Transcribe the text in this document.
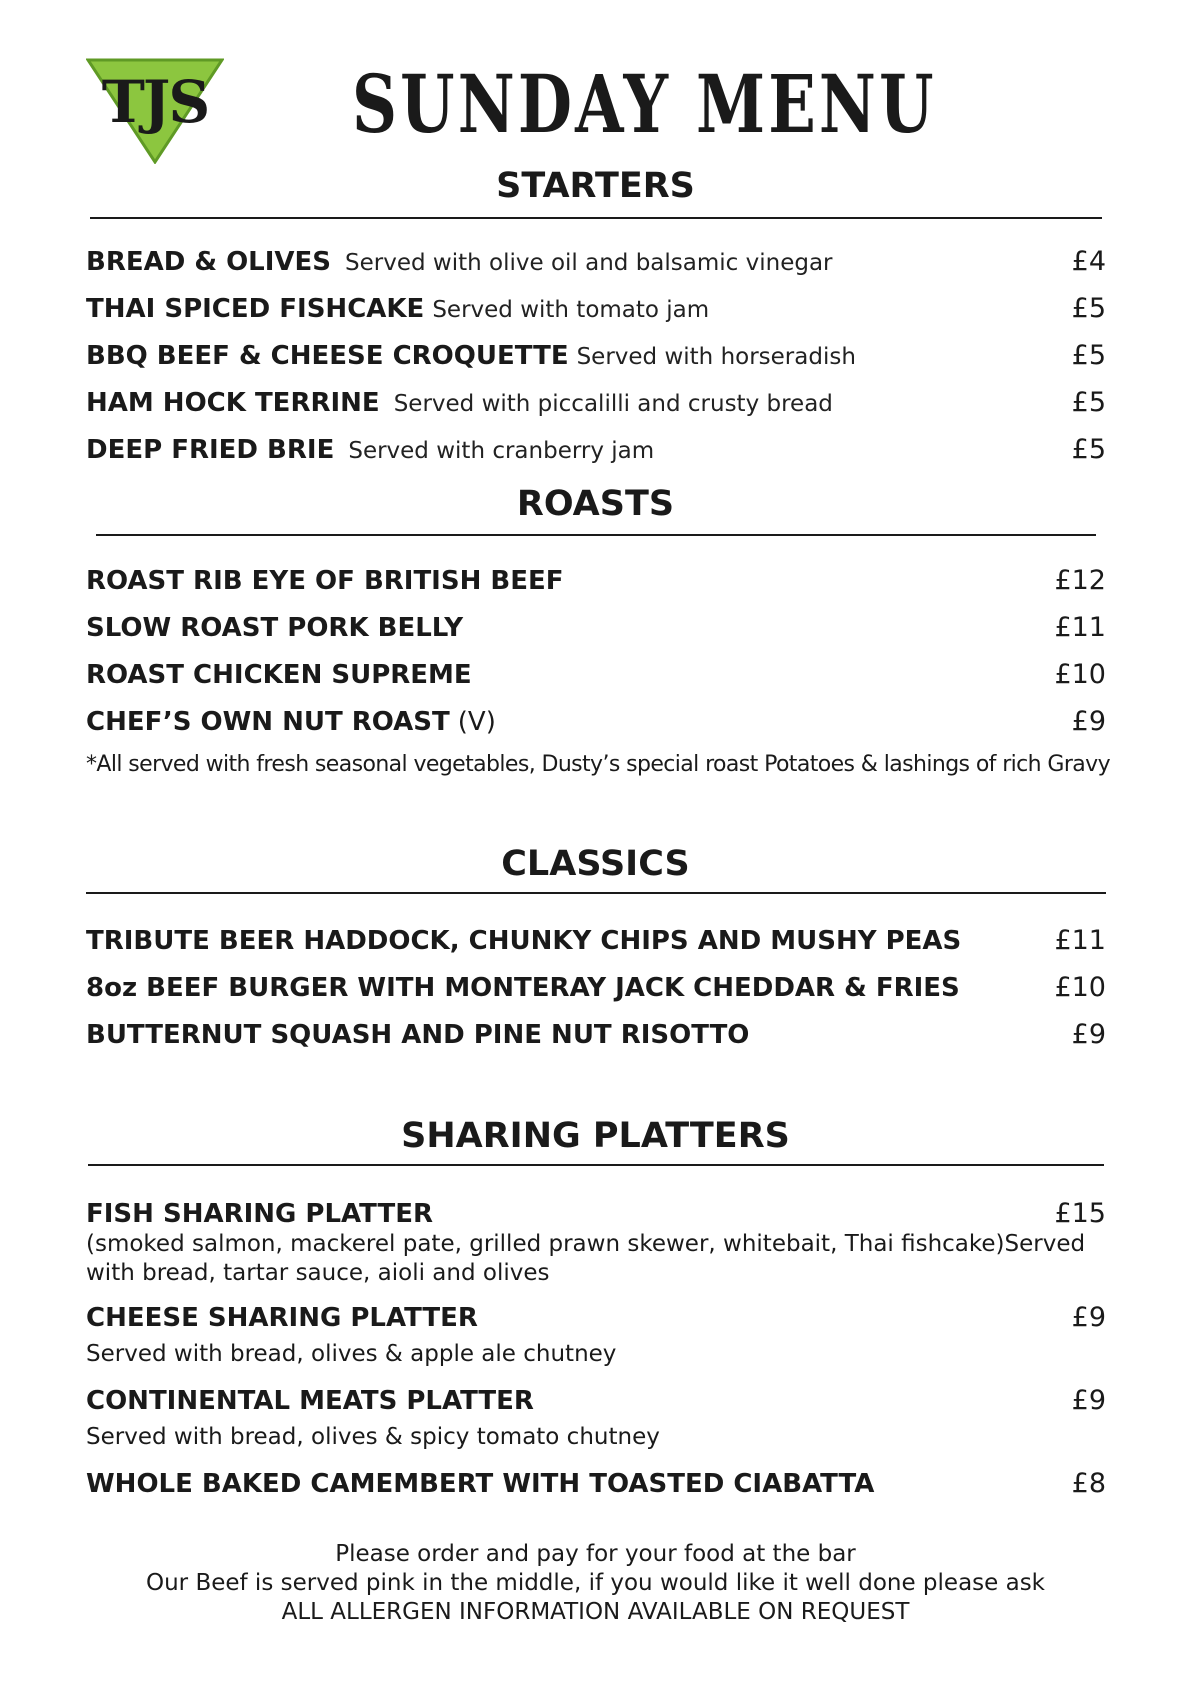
TJS SUNDAY MENU
STARTERS
BREAD & OLIVES Served with olive oil and balsamic vinegar	£4
THAI SPICED FISHCAKE Served with tomato jam	£5
BBQ BEEF & CHEESE CROQUETTE Served with horseradish	£5
HAM HOCK TERRINE Served with piccalilli and crusty bread	£5
DEEP FRIED BRIE Served with cranberry jam	£5
ROASTS
ROAST RIB EYE OF BRITISH BEEF	£12
SLOW ROAST PORK BELLY	£11
ROAST CHICKEN SUPREME	£10
CHEF’S OWN NUT ROAST (V)	£9
*All served with fresh seasonal vegetables, Dusty’s special roast Potatoes & lashings of rich Gravy
CLASSICS
TRIBUTE BEER HADDOCK, CHUNKY CHIPS AND MUSHY PEAS	£11
8oz BEEF BURGER WITH MONTERAY JACK CHEDDAR & FRIES	£10
BUTTERNUT SQUASH AND PINE NUT RISOTTO	£9
SHARING PLATTERS
FISH SHARING PLATTER	£15
(smoked salmon, mackerel pate, grilled prawn skewer, whitebait, Thai fishcake)Served with bread, tartar sauce, aioli and olives
CHEESE SHARING PLATTER	£9
Served with bread, olives & apple ale chutney
CONTINENTAL MEATS PLATTER	£9
Served with bread, olives & spicy tomato chutney
WHOLE BAKED CAMEMBERT WITH TOASTED CIABATTA	£8
Please order and pay for your food at the bar
Our Beef is served pink in the middle, if you would like it well done please ask
ALL ALLERGEN INFORMATION AVAILABLE ON REQUEST
